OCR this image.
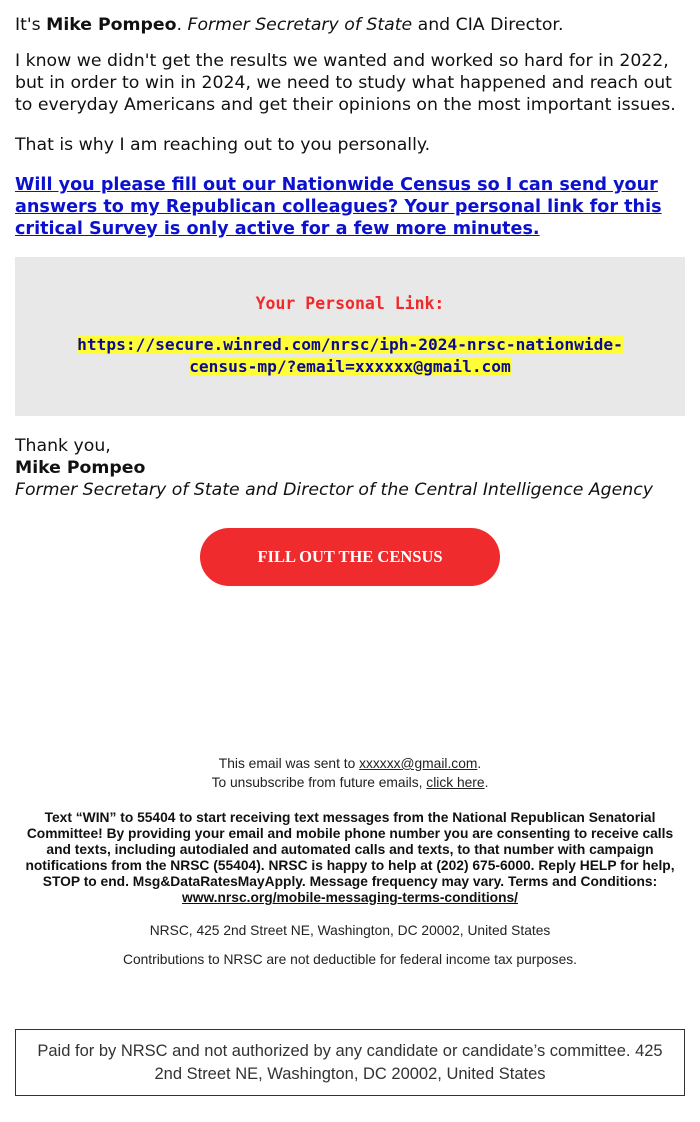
It's Mike Pompeo. Former Secretary of State and CIA Director.

I know we didn't get the results we wanted and worked so hard for in 2022, but in order to win in 2024, we need to study what happened and reach out to everyday Americans and get their opinions on the most important issues.

That is why I am reaching out to you personally.

Will you please fill out our Nationwide Census so I can send your answers to my Republican colleagues? Your personal link for this critical Survey is only active for a few more minutes.
Your Personal Link:
https://secure.winred.com/nrsc/iph-2024-nrsc-nationwide-
census-mp/?email=xxxxxx@gmail.com
Thank you,
Mike Pompeo
Former Secretary of State and Director of the Central Intelligence Agency
FILL OUT THE CENSUS
This email was sent to xxxxxx@gmail.com.
To unsubscribe from future emails, click here.
Text “WIN” to 55404 to start receiving text messages from the National Republican Senatorial Committee! By providing your email and mobile phone number you are consenting to receive calls and texts, including autodialed and automated calls and texts, to that number with campaign notifications from the NRSC (55404). NRSC is happy to help at (202) 675-6000. Reply HELP for help, STOP to end. Msg&DataRatesMayApply. Message frequency may vary. Terms and Conditions:
www.nrsc.org/mobile-messaging-terms-conditions/
NRSC, 425 2nd Street NE, Washington, DC 20002, United States
Contributions to NRSC are not deductible for federal income tax purposes.
Paid for by NRSC and not authorized by any candidate or candidate’s committee. 425 2nd Street NE, Washington, DC 20002, United States
